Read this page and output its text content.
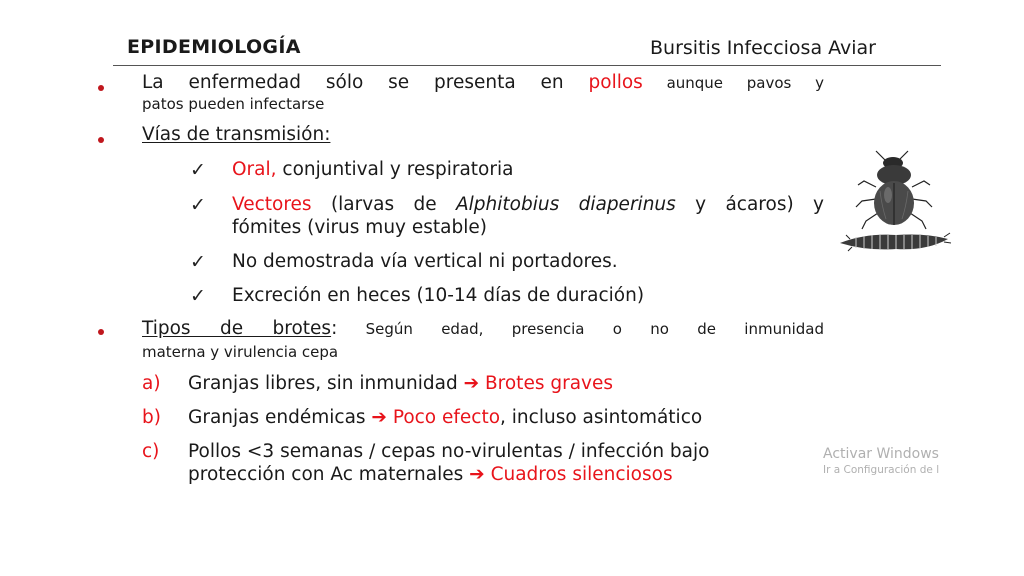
EPIDEMIOLOGÍA	Bursitis Infecciosa Aviar
La enfermedad sólo se presenta en pollos aunque pavos y
patos pueden infectarse
Vías de transmisión:
✓ Oral, conjuntival y respiratoria
✓ Vectores (larvas de Alphitobius diaperinus y ácaros) y
fómites (virus muy estable)
✓ No demostrada vía vertical ni portadores.
✓ Excreción en heces (10-14 días de duración)
Tipos de brotes: Según edad, presencia o no de inmunidad
materna y virulencia cepa
a) Granjas libres, sin inmunidad ➔ Brotes graves
b) Granjas endémicas ➔ Poco efecto, incluso asintomático
c) Pollos <3 semanas / cepas no-virulentas / infección bajo
protección con Ac maternales ➔ Cuadros silenciosos
Activar Windows
Ir a Configuración de l
